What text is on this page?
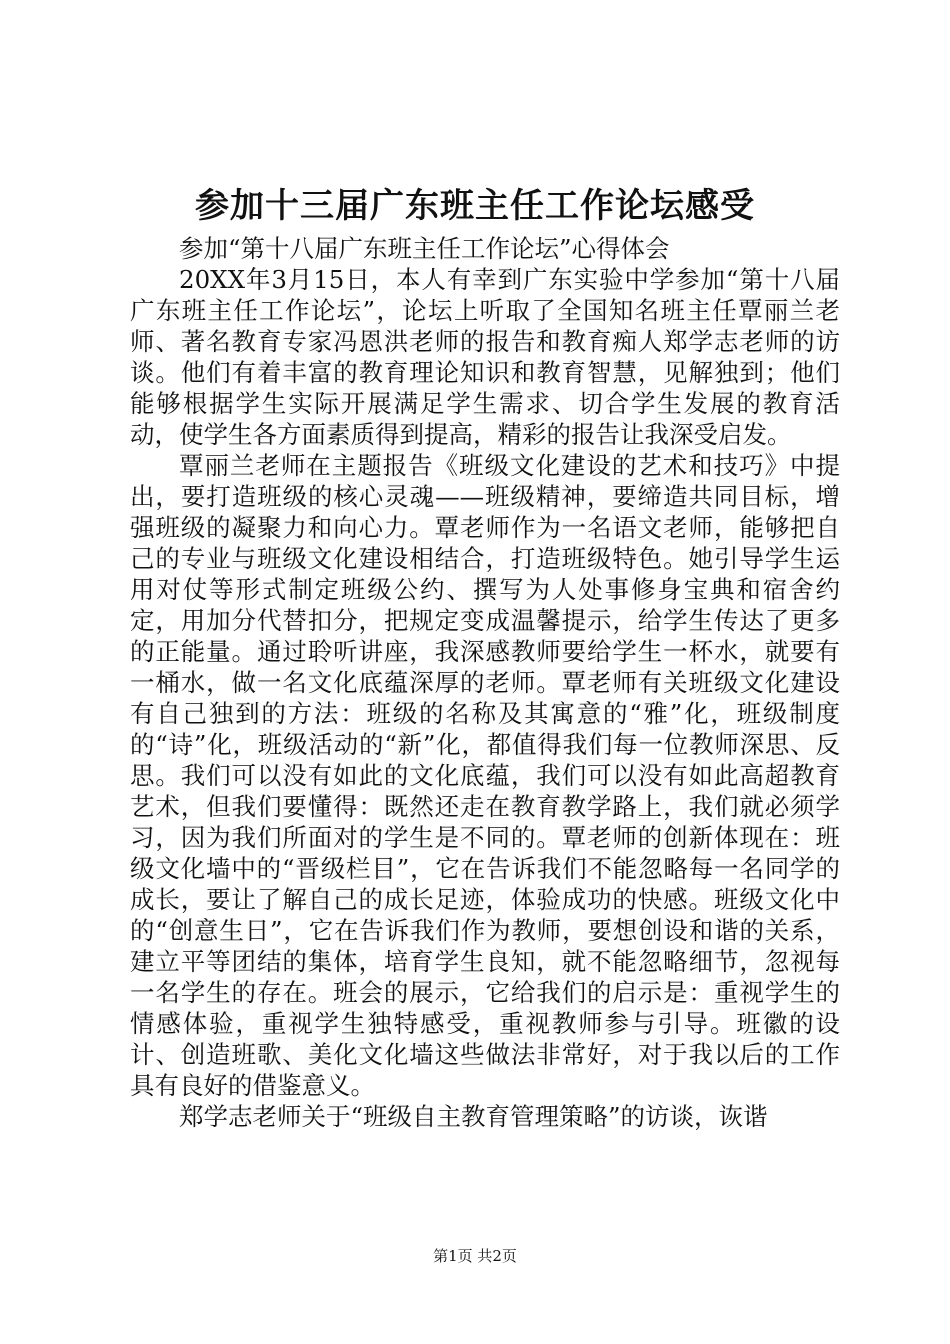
参加十三届广东班主任工作论坛感受

参加“第十八届广东班主任工作论坛”心得体会

20XX年3月15日，本人有幸到广东实验中学参加“第十八届广东班主任工作论坛”，论坛上听取了全国知名班主任覃丽兰老师、著名教育专家冯恩洪老师的报告和教育痴人郑学志老师的访谈。他们有着丰富的教育理论知识和教育智慧，见解独到；他们能够根据学生实际开展满足学生需求、切合学生发展的教育活动，使学生各方面素质得到提高，精彩的报告让我深受启发。

覃丽兰老师在主题报告《班级文化建设的艺术和技巧》中提出，要打造班级的核心灵魂——班级精神，要缔造共同目标，增强班级的凝聚力和向心力。覃老师作为一名语文老师，能够把自己的专业与班级文化建设相结合，打造班级特色。她引导学生运用对仗等形式制定班级公约、撰写为人处事修身宝典和宿舍约定，用加分代替扣分，把规定变成温馨提示，给学生传达了更多的正能量。通过聆听讲座，我深感教师要给学生一杯水，就要有一桶水，做一名文化底蕴深厚的老师。覃老师有关班级文化建设有自己独到的方法：班级的名称及其寓意的“雅”化，班级制度的“诗”化，班级活动的“新”化，都值得我们每一位教师深思、反思。我们可以没有如此的文化底蕴，我们可以没有如此高超教育艺术，但我们要懂得：既然还走在教育教学路上，我们就必须学习，因为我们所面对的学生是不同的。覃老师的创新体现在：班级文化墙中的“晋级栏目”，它在告诉我们不能忽略每一名同学的成长，要让了解自己的成长足迹，体验成功的快感。班级文化中的“创意生日”，它在告诉我们作为教师，要想创设和谐的关系，建立平等团结的集体，培育学生良知，就不能忽略细节，忽视每一名学生的存在。班会的展示，它给我们的启示是：重视学生的情感体验，重视学生独特感受，重视教师参与引导。班徽的设计、创造班歌、美化文化墙这些做法非常好，对于我以后的工作具有良好的借鉴意义。

郑学志老师关于“班级自主教育管理策略”的访谈，诙谐

第1页 共2页
